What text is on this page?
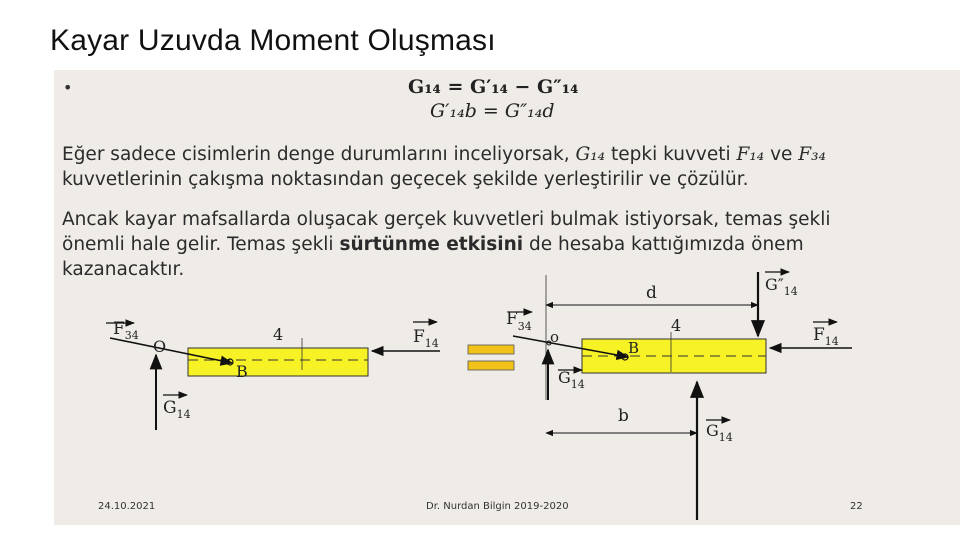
Kayar Uzuvda Moment Oluşması
•	G₁₄ = G′₁₄ − G″₁₄
G′₁₄b = G″₁₄d
Eğer sadece cisimlerin denge durumlarını inceliyorsak, G₁₄ tepki kuvveti F₁₄ ve F₃₄ kuvvetlerinin çakışma noktasından geçecek şekilde yerleştirilir ve çözülür.
Ancak kayar mafsallarda oluşacak gerçek kuvvetleri bulmak istiyorsak, temas şekli önemli hale gelir. Temas şekli sürtünme etkisini de hesaba kattığımızda önem kazanacaktır.
$F_{34}$
O
4
B
$F_{14}$
$G_{14}$
$F_{34}$
o
4
B
$F_{14}$
d
b
$G_{14}$
$G''_{14}$
$G_{14}$
24.10.2021	Dr. Nurdan Bilgin 2019-2020	22
